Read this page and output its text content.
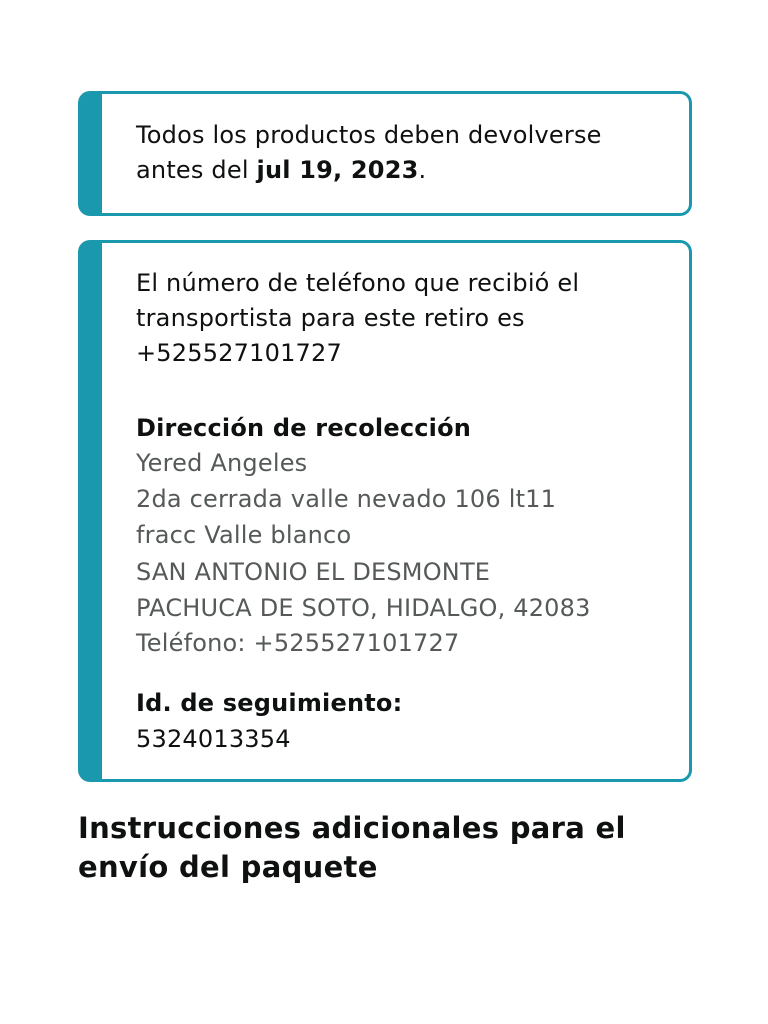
Todos los productos deben devolverse antes del jul 19, 2023.
El número de teléfono que recibió el transportista para este retiro es +525527101727
Dirección de recolección
Yered Angeles
2da cerrada valle nevado 106 lt11
fracc Valle blanco
SAN ANTONIO EL DESMONTE
PACHUCA DE SOTO, HIDALGO, 42083
Teléfono: +525527101727
Id. de seguimiento:
5324013354
Instrucciones adicionales para el envío del paquete
